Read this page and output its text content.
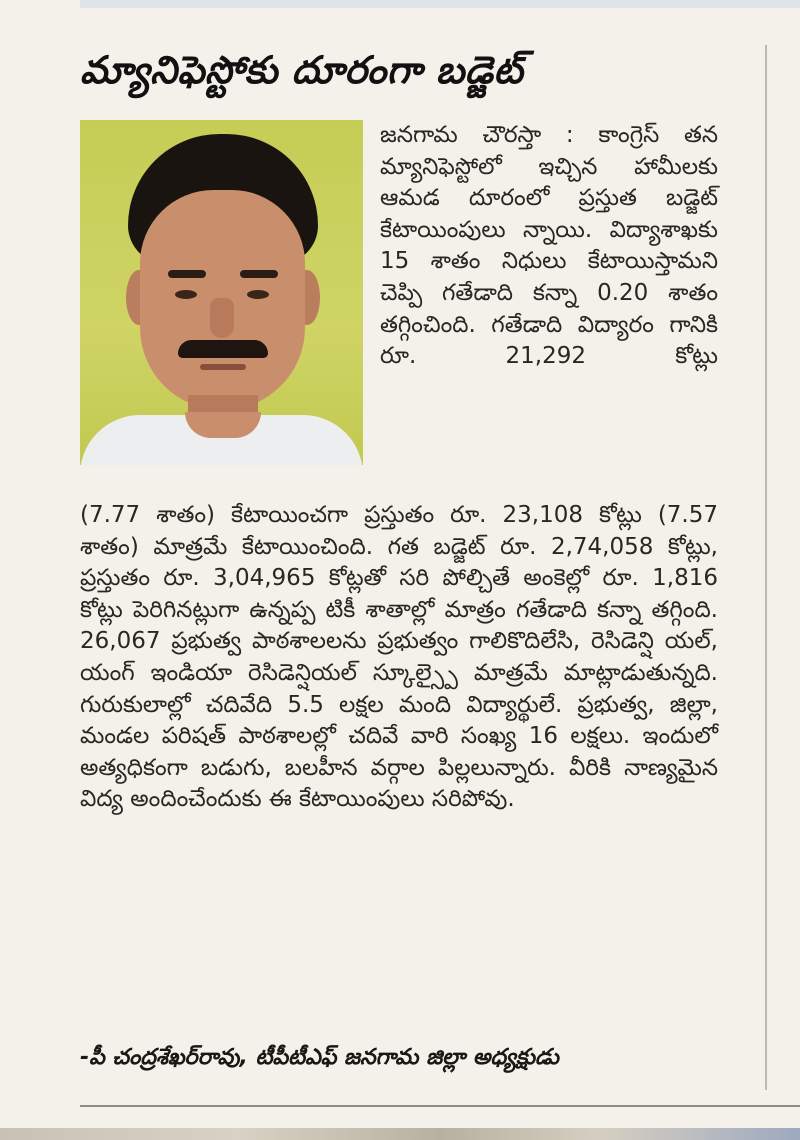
మ్యానిఫెస్టోకు దూరంగా బడ్జెట్

జనగామ చౌరస్తా : కాంగ్రెస్ తన మ్యానిఫెస్టోలో ఇచ్చిన హామీలకు ఆమడ దూరంలో ప్రస్తుత బడ్జెట్ కేటాయింపులు న్నాయి. విద్యాశాఖకు 15 శాతం నిధులు కేటాయిస్తామని చెప్పి గతేడాది కన్నా 0.20 శాతం తగ్గించింది. గతేడాది విద్యారం గానికి రూ. 21,292 కోట్లు

(7.77 శాతం) కేటాయించగా ప్రస్తుతం రూ. 23,108 కోట్లు (7.57 శాతం) మాత్రమే కేటాయించింది. గత బడ్జెట్ రూ. 2,74,058 కోట్లు, ప్రస్తుతం రూ. 3,04,965 కోట్లతో సరి పోల్చితే అంకెల్లో రూ. 1,816 కోట్లు పెరిగినట్లుగా ఉన్నప్ప టికీ శాతాల్లో మాత్రం గతేడాది కన్నా తగ్గింది. 26,067 ప్రభుత్వ పాఠశాలలను ప్రభుత్వం గాలికొదిలేసి, రెసిడెన్షి యల్, యంగ్ ఇండియా రెసిడెన్షియల్ స్కూల్స్పై మాత్రమే మాట్లాడుతున్నది. గురుకులాల్లో చదివేది 5.5 లక్షల మంది విద్యార్థులే. ప్రభుత్వ, జిల్లా, మండల పరిషత్ పాఠశాలల్లో చదివే వారి సంఖ్య 16 లక్షలు. ఇందులో అత్యధికంగా బడుగు, బలహీన వర్గాల పిల్లలున్నారు. వీరికి నాణ్యమైన విద్య అందించేందుకు ఈ కేటాయింపులు సరిపోవు.

-పీ చంద్రశేఖర్‌రావు, టీపీటీఎఫ్ జనగామ జిల్లా అధ్యక్షుడు
